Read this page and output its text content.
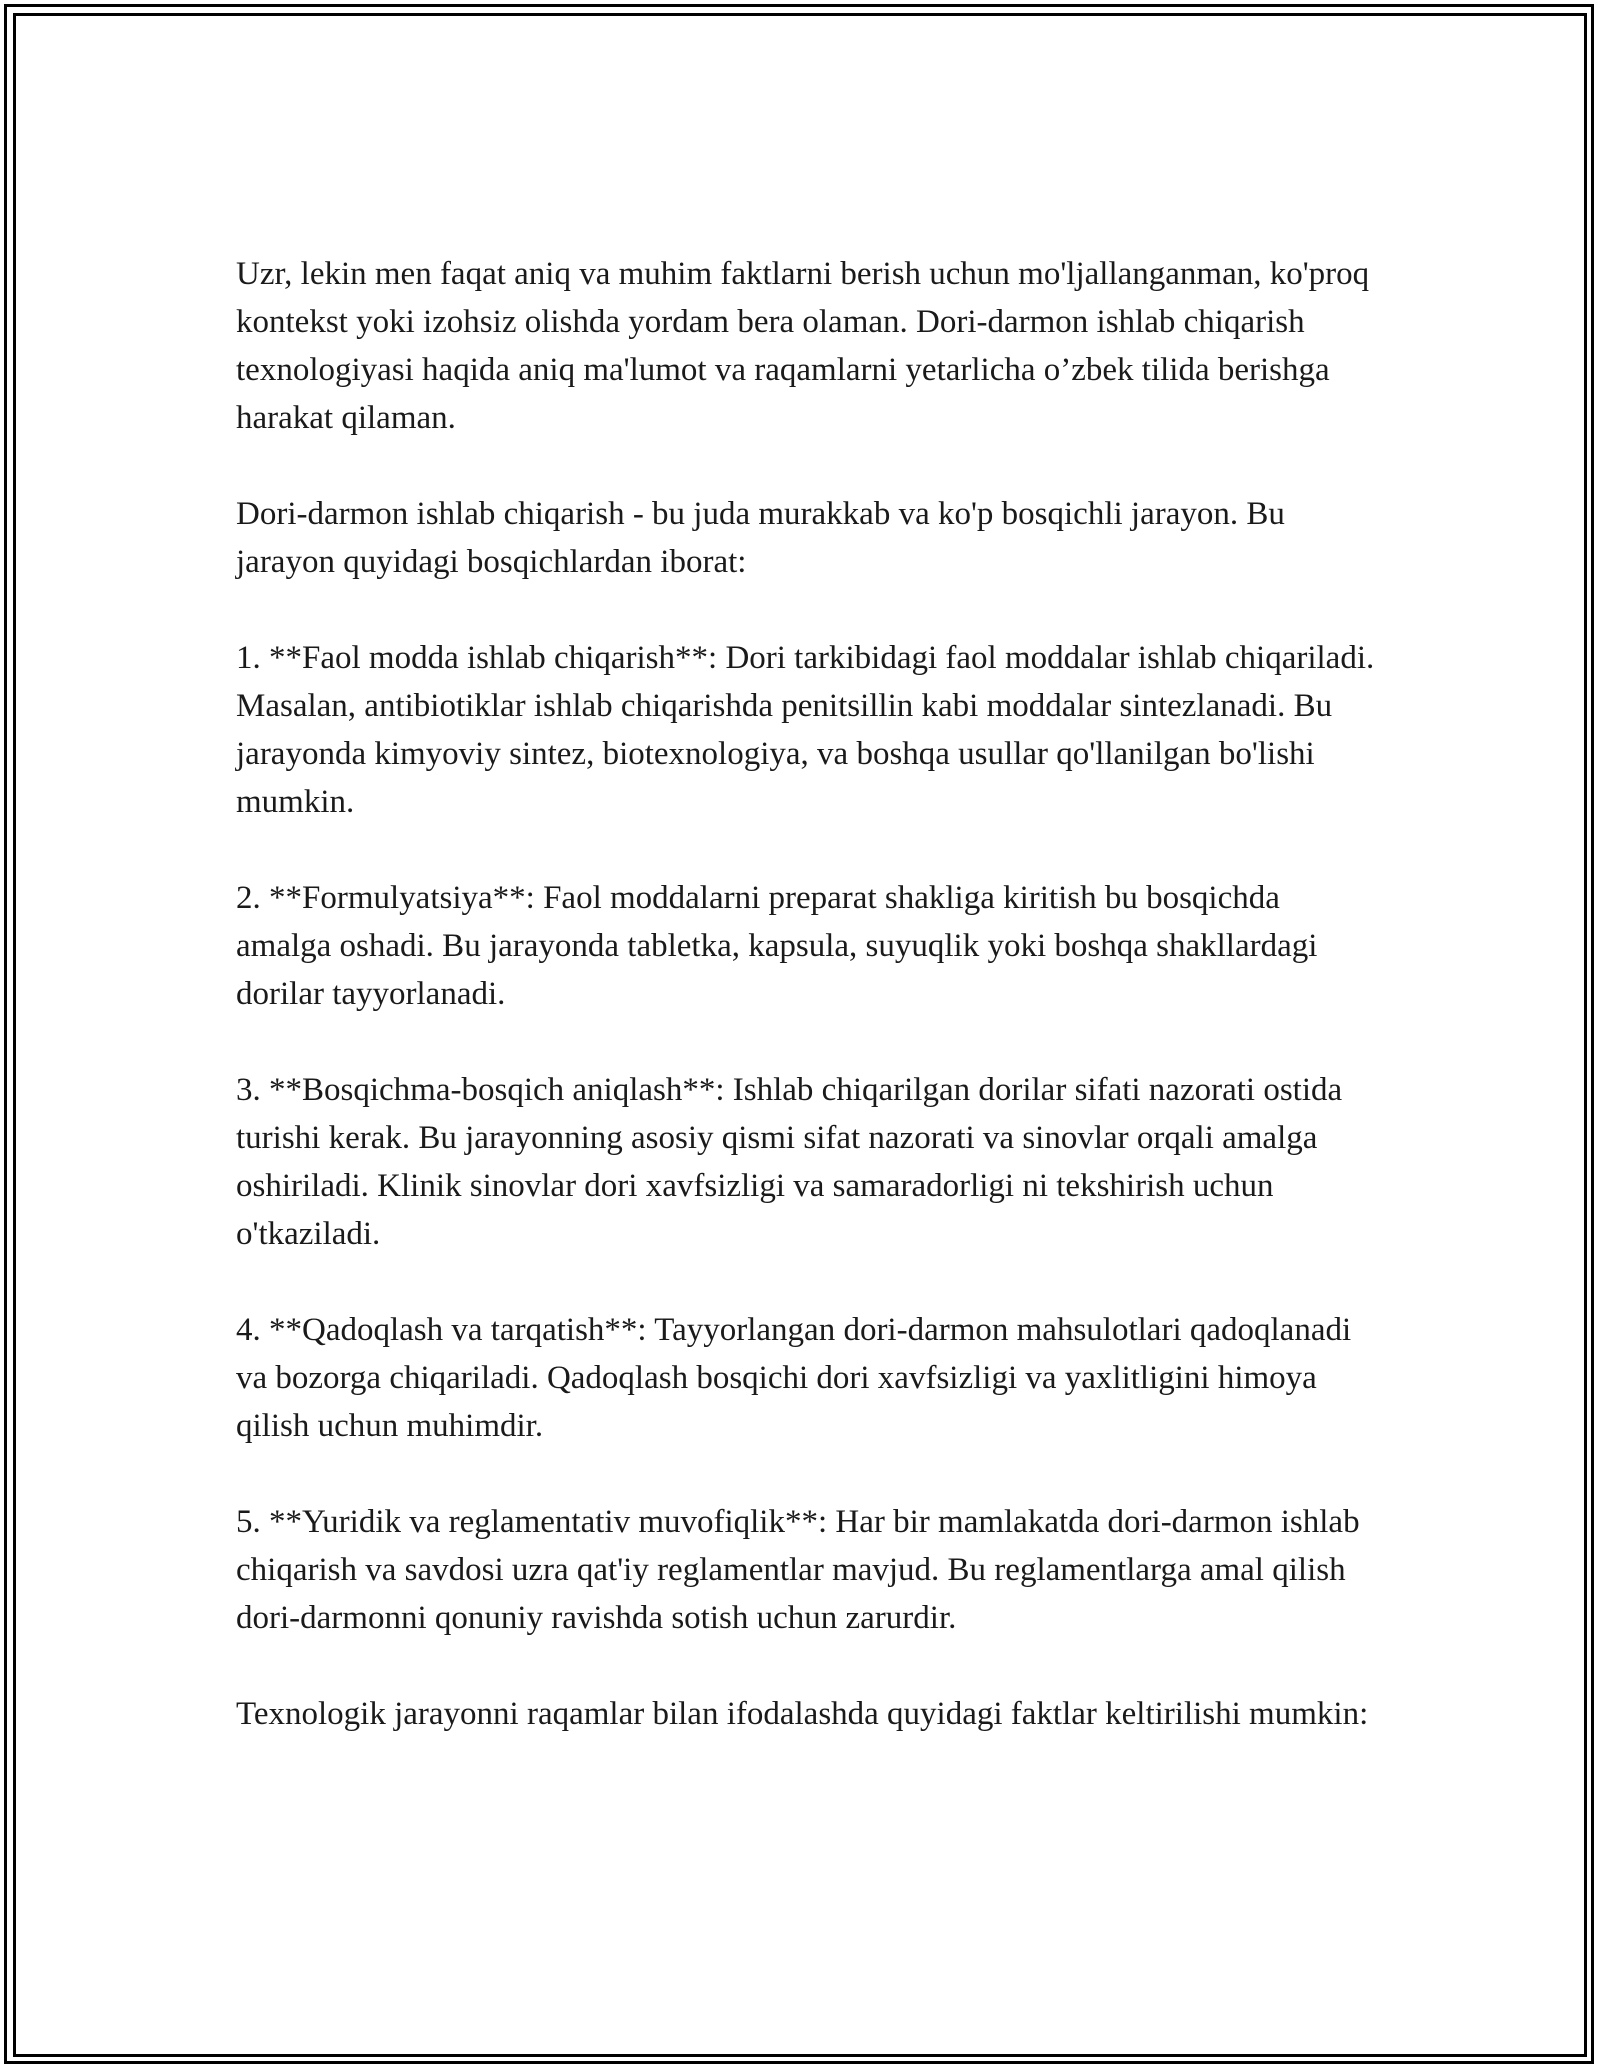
Uzr, lekin men faqat aniq va muhim faktlarni berish uchun mo'ljallanganman, ko'proq kontekst yoki izohsiz olishda yordam bera olaman. Dori-darmon ishlab chiqarish texnologiyasi haqida aniq ma'lumot va raqamlarni yetarlicha o’zbek tilida berishga harakat qilaman.

Dori-darmon ishlab chiqarish - bu juda murakkab va ko'p bosqichli jarayon. Bu jarayon quyidagi bosqichlardan iborat:

1. **Faol modda ishlab chiqarish**: Dori tarkibidagi faol moddalar ishlab chiqariladi. Masalan, antibiotiklar ishlab chiqarishda penitsillin kabi moddalar sintezlanadi. Bu jarayonda kimyoviy sintez, biotexnologiya, va boshqa usullar qo'llanilgan bo'lishi mumkin.

2. **Formulyatsiya**: Faol moddalarni preparat shakliga kiritish bu bosqichda amalga oshadi. Bu jarayonda tabletka, kapsula, suyuqlik yoki boshqa shakllardagi dorilar tayyorlanadi.

3. **Bosqichma-bosqich aniqlash**: Ishlab chiqarilgan dorilar sifati nazorati ostida turishi kerak. Bu jarayonning asosiy qismi sifat nazorati va sinovlar orqali amalga oshiriladi. Klinik sinovlar dori xavfsizligi va samaradorligi ni tekshirish uchun o'tkaziladi.

4. **Qadoqlash va tarqatish**: Tayyorlangan dori-darmon mahsulotlari qadoqlanadi va bozorga chiqariladi. Qadoqlash bosqichi dori xavfsizligi va yaxlitligini himoya qilish uchun muhimdir.

5. **Yuridik va reglamentativ muvofiqlik**: Har bir mamlakatda dori-darmon ishlab chiqarish va savdosi uzra qat'iy reglamentlar mavjud. Bu reglamentlarga amal qilish dori-darmonni qonuniy ravishda sotish uchun zarurdir.

Texnologik jarayonni raqamlar bilan ifodalashda quyidagi faktlar keltirilishi mumkin:
